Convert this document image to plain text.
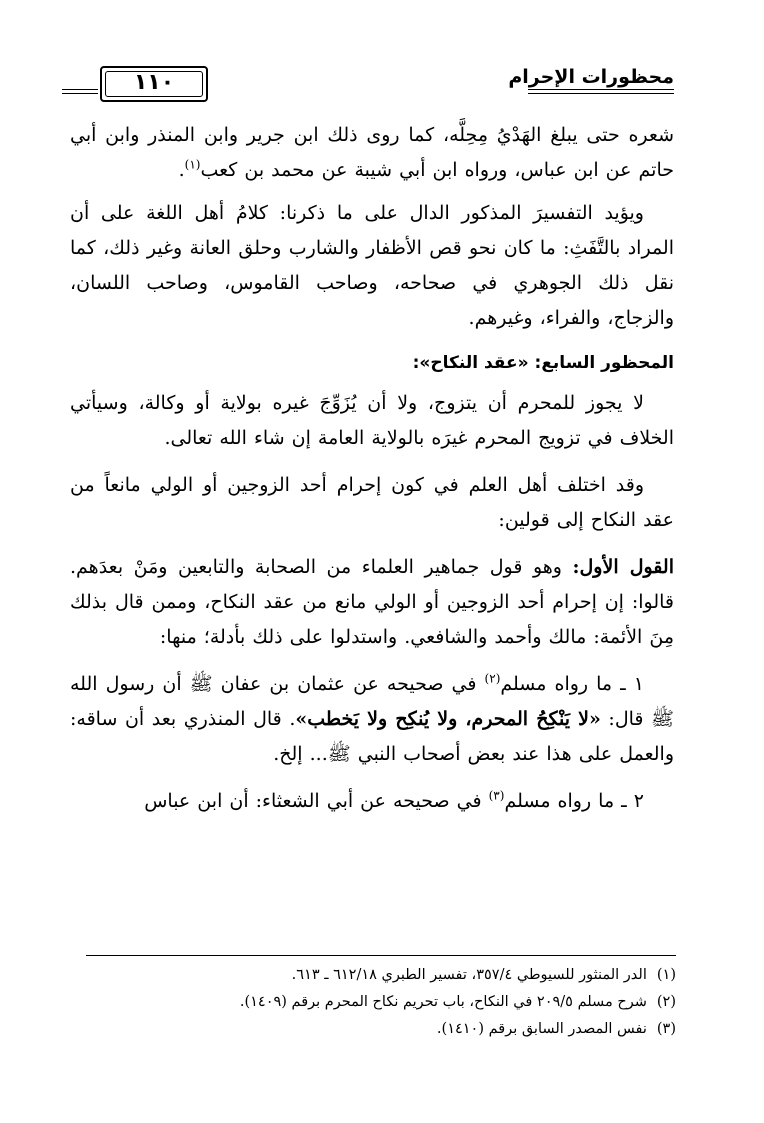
محظورات الإحرام
١١٠

شعره حتى يبلغ الهَدْيُ مِحِلَّه، كما روى ذلك ابن جرير وابن المنذر وابن أبي حاتم عن ابن عباس، ورواه ابن أبي شيبة عن محمد بن كعب$^{(١)}$.

ويؤيد التفسيرَ المذكور الدال على ما ذكرنا: كلامُ أهل اللغة على أن المراد بالتَّفَثِ: ما كان نحو قص الأظفار والشارب وحلق العانة وغير ذلك، كما نقل ذلك الجوهري في صحاحه، وصاحب القاموس، وصاحب اللسان، والزجاج، والفراء، وغيرهم.

المحظور السابع: «عقد النكاح»:

لا يجوز للمحرم أن يتزوج، ولا أن يُزَوِّجَ غيره بولاية أو وكالة، وسيأتي الخلاف في تزويج المحرم غيرَه بالولاية العامة إن شاء الله تعالى.

وقد اختلف أهل العلم في كون إحرام أحد الزوجين أو الولي مانعاً من عقد النكاح إلى قولين:

القول الأول: وهو قول جماهير العلماء من الصحابة والتابعين ومَنْ بعدَهم. قالوا: إن إحرام أحد الزوجين أو الولي مانع من عقد النكاح، وممن قال بذلك مِنَ الأئمة: مالك وأحمد والشافعي. واستدلوا على ذلك بأدلة؛ منها:

١ ـ ما رواه مسلم$^{(٢)}$ في صحيحه عن عثمان بن عفان ﷺ أن رسول الله ﷺ قال: «لا يَنْكِحُ المحرم، ولا يُنكِح ولا يَخطب». قال المنذري بعد أن ساقه: والعمل على هذا عند بعض أصحاب النبي ﷺ... إلخ.

٢ ـ ما رواه مسلم$^{(٣)}$ في صحيحه عن أبي الشعثاء: أن ابن عباس

(١)الدر المنثور للسيوطي ٣٥٧/٤، تفسير الطبري ٦١٢/١٨ ـ ٦١٣.
(٢)شرح مسلم ٢٠٩/٥ في النكاح، باب تحريم نكاح المحرم برقم (١٤٠٩).
(٣)نفس المصدر السابق برقم (١٤١٠).
